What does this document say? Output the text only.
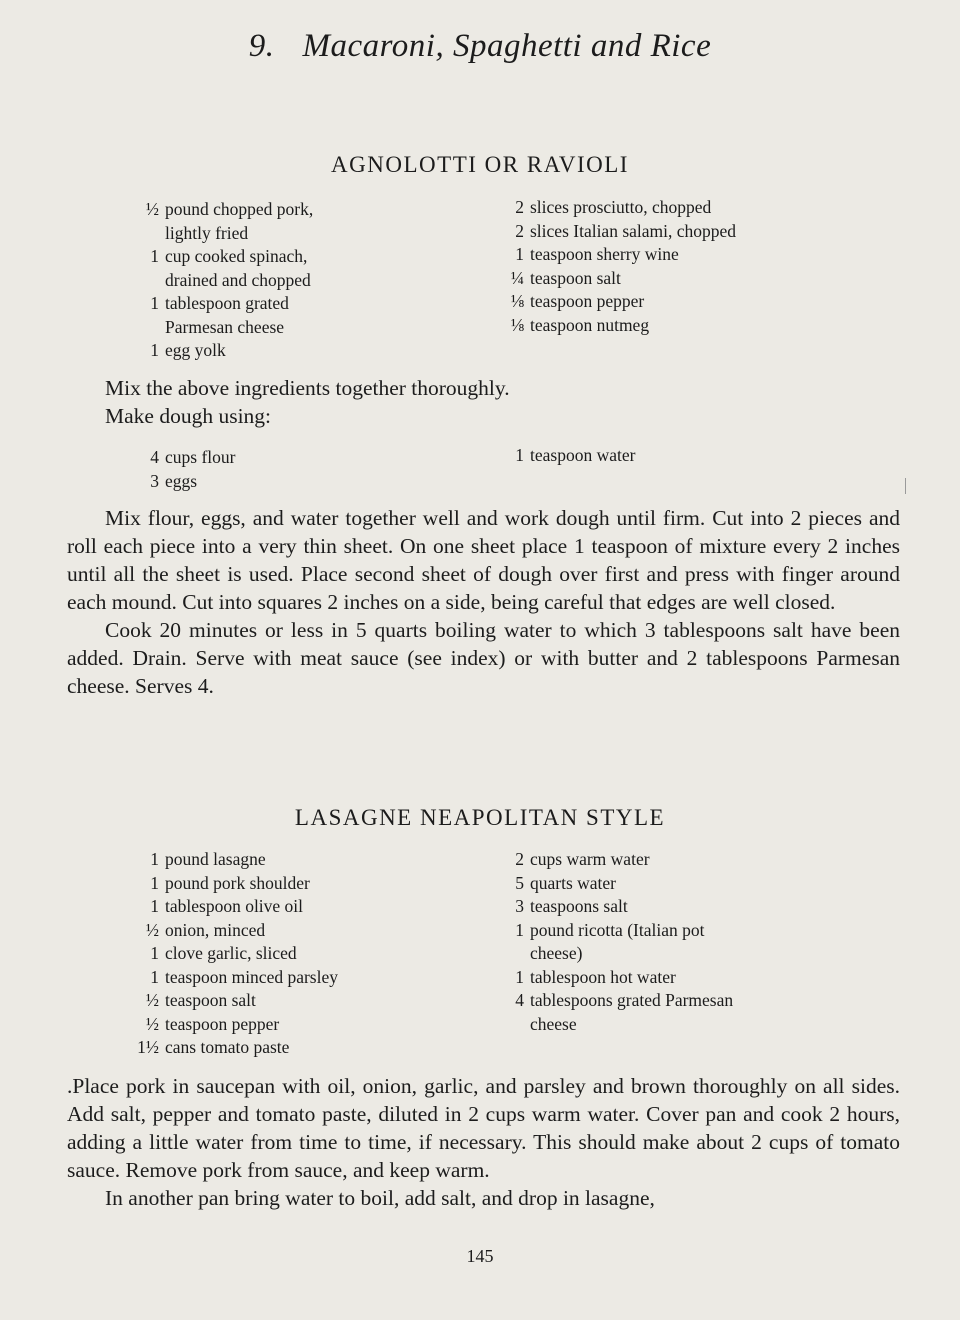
9. Macaroni, Spaghetti and Rice
AGNOLOTTI OR RAVIOLI
½ pound chopped pork,
lightly fried
1 cup cooked spinach,
drained and chopped
1 tablespoon grated
Parmesan cheese
1 egg yolk
2 slices prosciutto, chopped
2 slices Italian salami, chopped
1 teaspoon sherry wine
¼ teaspoon salt
⅛ teaspoon pepper
⅛ teaspoon nutmeg

Mix the above ingredients together thoroughly.

Make dough using:

4 cups flour
3 eggs
1 teaspoon water

Mix flour, eggs, and water together well and work dough until firm. Cut into 2 pieces and roll each piece into a very thin sheet. On one sheet place 1 teaspoon of mixture every 2 inches until all the sheet is used. Place second sheet of dough over first and press with finger around each mound. Cut into squares 2 inches on a side, being careful that edges are well closed.

Cook 20 minutes or less in 5 quarts boiling water to which 3 tablespoons salt have been added. Drain. Serve with meat sauce (see index) or with butter and 2 tablespoons Parmesan cheese. Serves 4.

LASAGNE NEAPOLITAN STYLE
1 pound lasagne
1 pound pork shoulder
1 tablespoon olive oil
½ onion, minced
1 clove garlic, sliced
1 teaspoon minced parsley
½ teaspoon salt
½ teaspoon pepper
1½ cans tomato paste
2 cups warm water
5 quarts water
3 teaspoons salt
1 pound ricotta (Italian pot
cheese)
1 tablespoon hot water
4 tablespoons grated Parmesan
cheese

.Place pork in saucepan with oil, onion, garlic, and parsley and brown thoroughly on all sides. Add salt, pepper and tomato paste, diluted in 2 cups warm water. Cover pan and cook 2 hours, adding a little water from time to time, if necessary. This should make about 2 cups of tomato sauce. Remove pork from sauce, and keep warm.

In another pan bring water to boil, add salt, and drop in lasagne,

145
